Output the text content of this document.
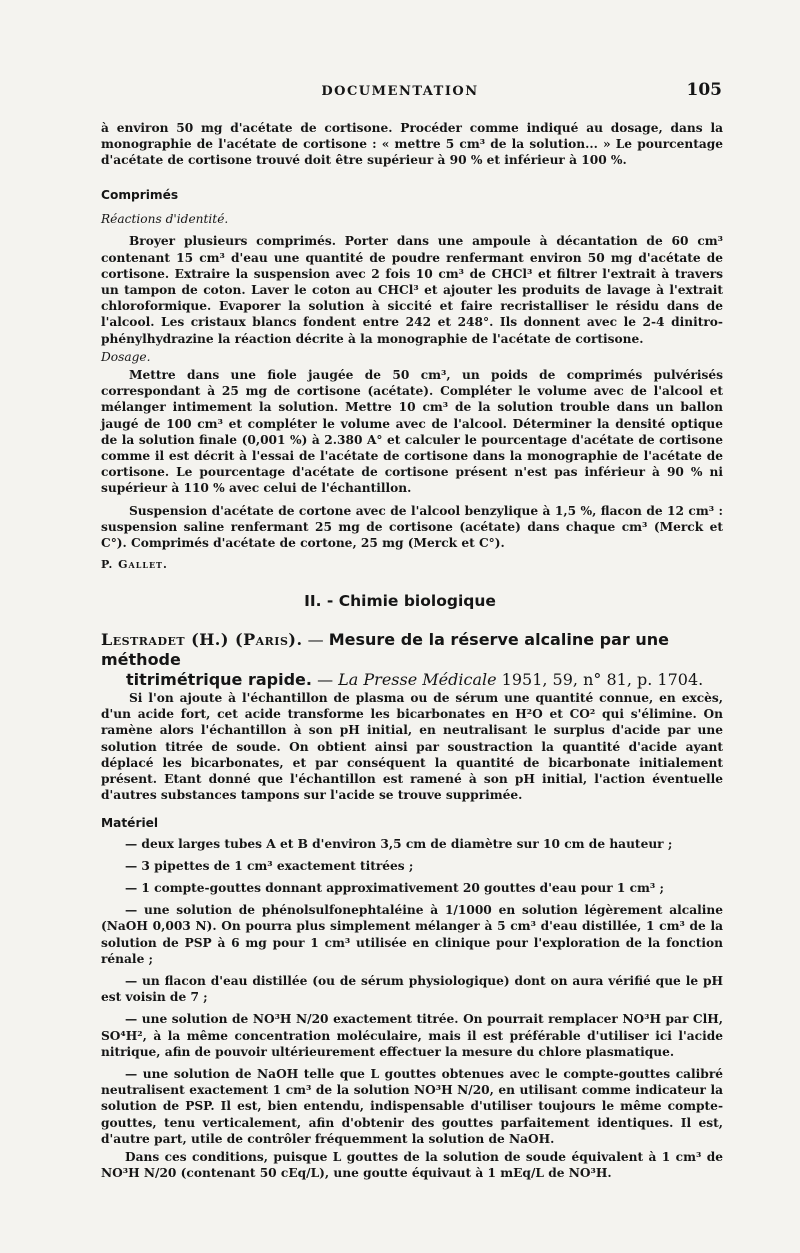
DOCUMENTATION	105

à environ 50 mg d'acétate de cortisone. Procéder comme indiqué au dosage, dans la monographie de l'acétate de cortisone : « mettre 5 cm³ de la solution... » Le pourcentage d'acétate de cortisone trouvé doit être supérieur à 90 % et inférieur à 100 %.

Comprimés

Réactions d'identité.

Broyer plusieurs comprimés. Porter dans une ampoule à décantation de 60 cm³ contenant 15 cm³ d'eau une quantité de poudre renfermant environ 50 mg d'acétate de cortisone. Extraire la suspension avec 2 fois 10 cm³ de CHCl³ et filtrer l'extrait à travers un tampon de coton. Laver le coton au CHCl³ et ajouter les produits de lavage à l'extrait chloroformique. Evaporer la solution à siccité et faire recristalliser le résidu dans de l'alcool. Les cristaux blancs fondent entre 242 et 248°. Ils donnent avec le 2-4 dinitro-phénylhydrazine la réaction décrite à la monographie de l'acétate de cortisone.

Dosage.

Mettre dans une fiole jaugée de 50 cm³, un poids de comprimés pulvérisés correspondant à 25 mg de cortisone (acétate). Compléter le volume avec de l'alcool et mélanger intimement la solution. Mettre 10 cm³ de la solution trouble dans un ballon jaugé de 100 cm³ et compléter le volume avec de l'alcool. Déterminer la densité optique de la solution finale (0,001 %) à 2.380 A° et calculer le pourcentage d'acétate de cortisone comme il est décrit à l'essai de l'acétate de cortisone dans la monographie de l'acétate de cortisone. Le pourcentage d'acétate de cortisone présent n'est pas inférieur à 90 % ni supérieur à 110 % avec celui de l'échantillon.

Suspension d'acétate de cortone avec de l'alcool benzylique à 1,5 %, flacon de 12 cm³ : suspension saline renfermant 25 mg de cortisone (acétate) dans chaque cm³ (Merck et C°). Comprimés d'acétate de cortone, 25 mg (Merck et C°).

P. Gallet.

II. - Chimie biologique
Lestradet (H.) (Paris). — Mesure de la réserve alcaline par une méthode
titrimétrique rapide. — La Presse Médicale 1951, 59, n° 81, p. 1704.

Si l'on ajoute à l'échantillon de plasma ou de sérum une quantité connue, en excès, d'un acide fort, cet acide transforme les bicarbonates en H²O et CO² qui s'élimine. On ramène alors l'échantillon à son pH initial, en neutralisant le surplus d'acide par une solution titrée de soude. On obtient ainsi par soustraction la quantité d'acide ayant déplacé les bicarbonates, et par conséquent la quantité de bicarbonate initialement présent. Etant donné que l'échantillon est ramené à son pH initial, l'action éventuelle d'autres substances tampons sur l'acide se trouve supprimée.

Matériel

— deux larges tubes A et B d'environ 3,5 cm de diamètre sur 10 cm de hauteur ;

— 3 pipettes de 1 cm³ exactement titrées ;

— 1 compte-gouttes donnant approximativement 20 gouttes d'eau pour 1 cm³ ;

— une solution de phénolsulfonephtaléine à 1/1000 en solution légèrement alcaline (NaOH 0,003 N). On pourra plus simplement mélanger à 5 cm³ d'eau distillée, 1 cm³ de la solution de PSP à 6 mg pour 1 cm³ utilisée en clinique pour l'exploration de la fonction rénale ;

— un flacon d'eau distillée (ou de sérum physiologique) dont on aura vérifié que le pH est voisin de 7 ;

— une solution de NO³H N/20 exactement titrée. On pourrait remplacer NO³H par ClH, SO⁴H², à la même concentration moléculaire, mais il est préférable d'utiliser ici l'acide nitrique, afin de pouvoir ultérieurement effectuer la mesure du chlore plasmatique.

— une solution de NaOH telle que L gouttes obtenues avec le compte-gouttes calibré neutralisent exactement 1 cm³ de la solution NO³H N/20, en utilisant comme indicateur la solution de PSP. Il est, bien entendu, indispensable d'utiliser toujours le même compte-gouttes, tenu verticalement, afin d'obtenir des gouttes parfaitement identiques. Il est, d'autre part, utile de contrôler fréquemment la solution de NaOH.

Dans ces conditions, puisque L gouttes de la solution de soude équivalent à 1 cm³ de NO³H N/20 (contenant 50 cEq/L), une goutte équivaut à 1 mEq/L de NO³H.
